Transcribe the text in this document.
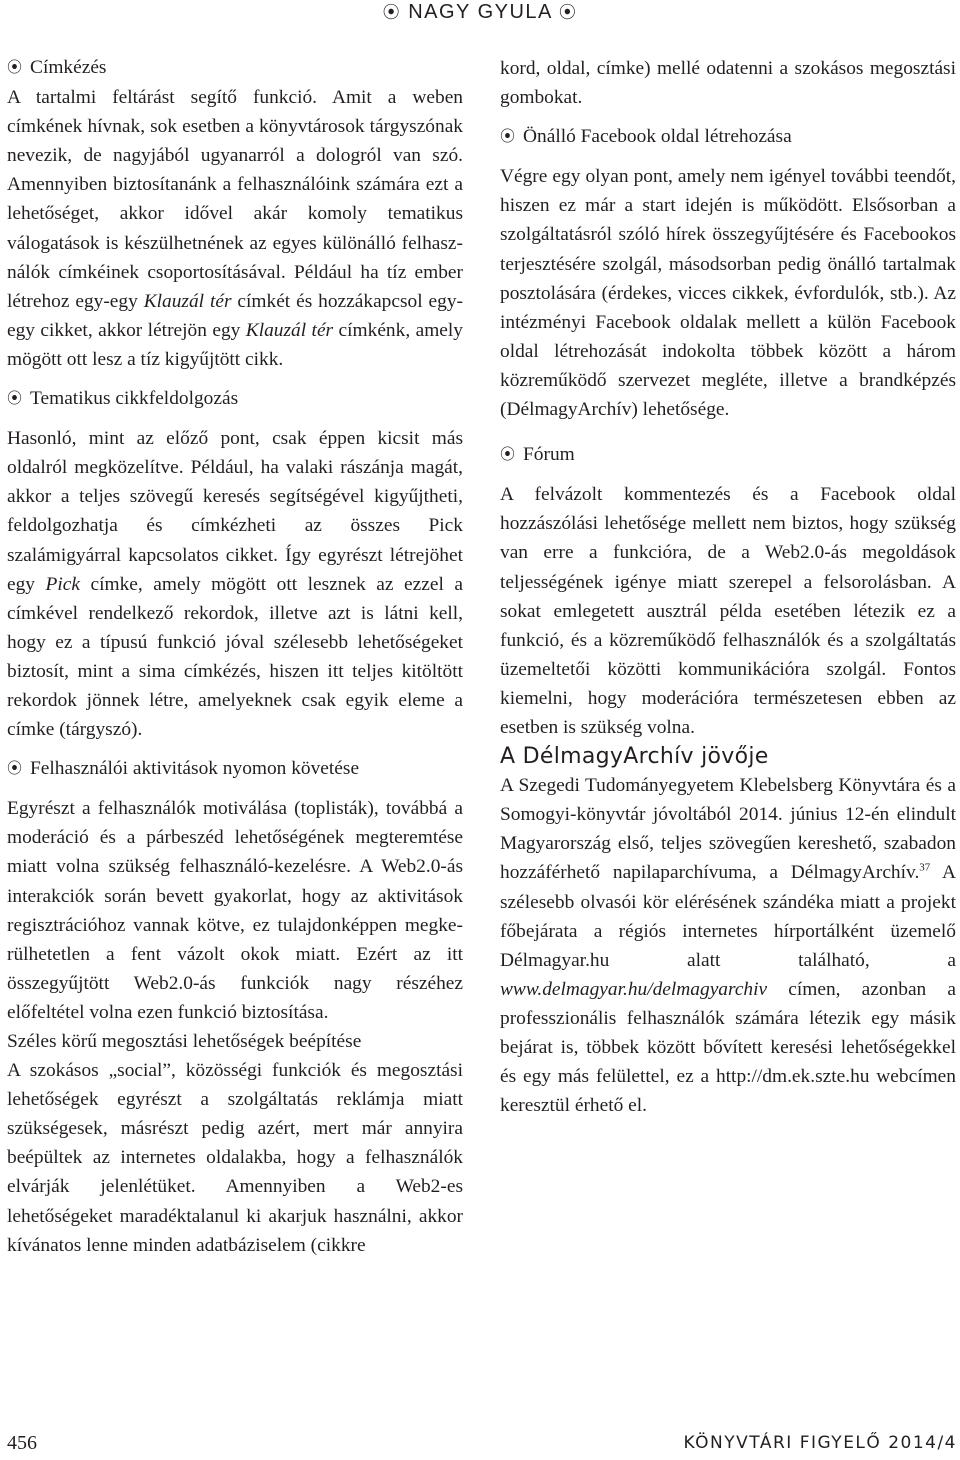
⦿ NAGY GYULA ⦿

⦿ Címkézés

A tartalmi feltárást segítő funkció. Amit a weben címkének hívnak, sok esetben a könyvtárosok tárgyszónak nevezik, de nagyjából ugyanarról a dologról van szó. Amennyiben biztosítanánk a felhasználóink számára ezt a lehetőséget, akkor idővel akár komoly tematikus válogatások is készülhetnének az egyes különálló felhasználók címkéinek csoportosításával. Például ha tíz ember létrehoz egy-egy Klauzál tér címkét és hozzákapcsol egy-egy cikket, akkor létrejön egy Klauzál tér címkénk, amely mögött ott lesz a tíz kigyűjtött cikk.

⦿ Tematikus cikkfeldolgozás

Hasonló, mint az előző pont, csak éppen kicsit más oldalról megközelítve. Például, ha valaki rászánja magát, akkor a teljes szövegű keresés segítségével kigyűjtheti, feldolgozhatja és címkézheti az összes Pick szalámigyárral kapcsolatos cikket. Így egyrészt létrejöhet egy Pick címke, amely mögött ott lesznek az ezzel a címkével rendelkező rekordok, illetve azt is látni kell, hogy ez a típusú funkció jóval szélesebb lehetőségeket biztosít, mint a sima címkézés, hiszen itt teljes kitöltött rekordok jönnek létre, amelyeknek csak egyik eleme a címke (tárgyszó).

⦿ Felhasználói aktivitások nyomon követése

Egyrészt a felhasználók motiválása (toplisták), továbbá a moderáció és a párbeszéd lehetőségének megteremtése miatt volna szükség felhasználó-kezelésre. A Web2.0-ás interakciók során bevett gyakorlat, hogy az aktivitások regisztrációhoz vannak kötve, ez tulajdonképpen megkerülhetetlen a fent vázolt okok miatt. Ezért az itt összegyűjtött Web2.0-ás funkciók nagy részéhez előfeltétel volna ezen funkció biztosítása.

Széles körű megosztási lehetőségek beépítése

A szokásos „social”, közösségi funkciók és megosztási lehetőségek egyrészt a szolgáltatás reklámja miatt szükségesek, másrészt pedig azért, mert már annyira beépültek az internetes oldalakba, hogy a felhasználók elvárják jelenlétüket. Amennyiben a Web2-es lehetőségeket maradéktalanul ki akarjuk használni, akkor kívánatos lenne minden adatbáziselem (cikkre

kord, oldal, címke) mellé odatenni a szokásos megosztási gombokat.

⦿ Önálló Facebook oldal létrehozása

Végre egy olyan pont, amely nem igényel további teendőt, hiszen ez már a start idején is működött. Elsősorban a szolgáltatásról szóló hírek összegyűjtésére és Facebookos terjesztésére szolgál, másodsorban pedig önálló tartalmak posztolására (érdekes, vicces cikkek, évfordulók, stb.). Az intézményi Facebook oldalak mellett a külön Facebook oldal létrehozását indokolta többek között a három közreműködő szervezet megléte, illetve a brandképzés (DélmagyArchív) lehetősége.

⦿ Fórum

A felvázolt kommentezés és a Facebook oldal hozzászólási lehetősége mellett nem biztos, hogy szükség van erre a funkcióra, de a Web2.0-ás megoldások teljességének igénye miatt szerepel a felsorolásban. A sokat emlegetett ausztrál példa esetében létezik ez a funkció, és a közreműködő felhasználók és a szolgáltatás üzemeltetői közötti kommunikációra szolgál. Fontos kiemelni, hogy moderációra természetesen ebben az esetben is szükség volna.

A DélmagyArchív jövője

A Szegedi Tudományegyetem Klebelsberg Könyvtára és a Somogyi-könyvtár jóvoltából 2014. június 12-én elindult Magyarország első, teljes szövegűen kereshető, szabadon hozzáférhető napilaparchívuma, a DélmagyArchív.$^{37}$ A szélesebb olvasói kör elérésének szándéka miatt a projekt főbejárata a régiós internetes hírportálként üzemelő Délmagyar.hu alatt található, a www.delmagyar.hu/delmagyarchiv címen, azonban a professzionális felhasználók számára létezik egy másik bejárat is, többek között bővített keresési lehetőségekkel és egy más felülettel, ez a http://dm.ek.szte.hu webcímen keresztül érhető el.

456	KÖNYVTÁRI FIGYELŐ 2014/4
